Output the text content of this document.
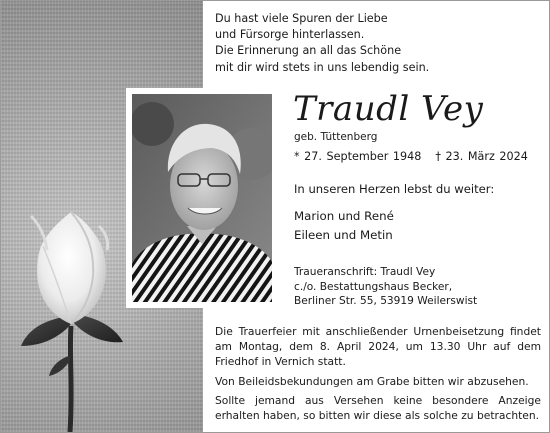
Du hast viele Spuren der Liebe
und Fürsorge hinterlassen.
Die Erinnerung an all das Schöne
mit dir wird stets in uns lebendig sein.
Traudl Vey
geb. Tüttenberg
* 27. September 1948 † 23. März 2024
In unseren Herzen lebst du weiter:
Marion und René
Eileen und Metin
Traueranschrift: Traudl Vey
c./o. Bestattungshaus Becker,
Berliner Str. 55, 53919 Weilerswist

Die Trauerfeier mit anschließender Urnenbeisetzung findet am Montag, dem 8. April 2024, um 13.30 Uhr auf dem Friedhof in Vernich statt.

Von Beileidsbekundungen am Grabe bitten wir abzusehen.

Sollte jemand aus Versehen keine besondere Anzeige erhalten haben, so bitten wir diese als solche zu betrachten.
